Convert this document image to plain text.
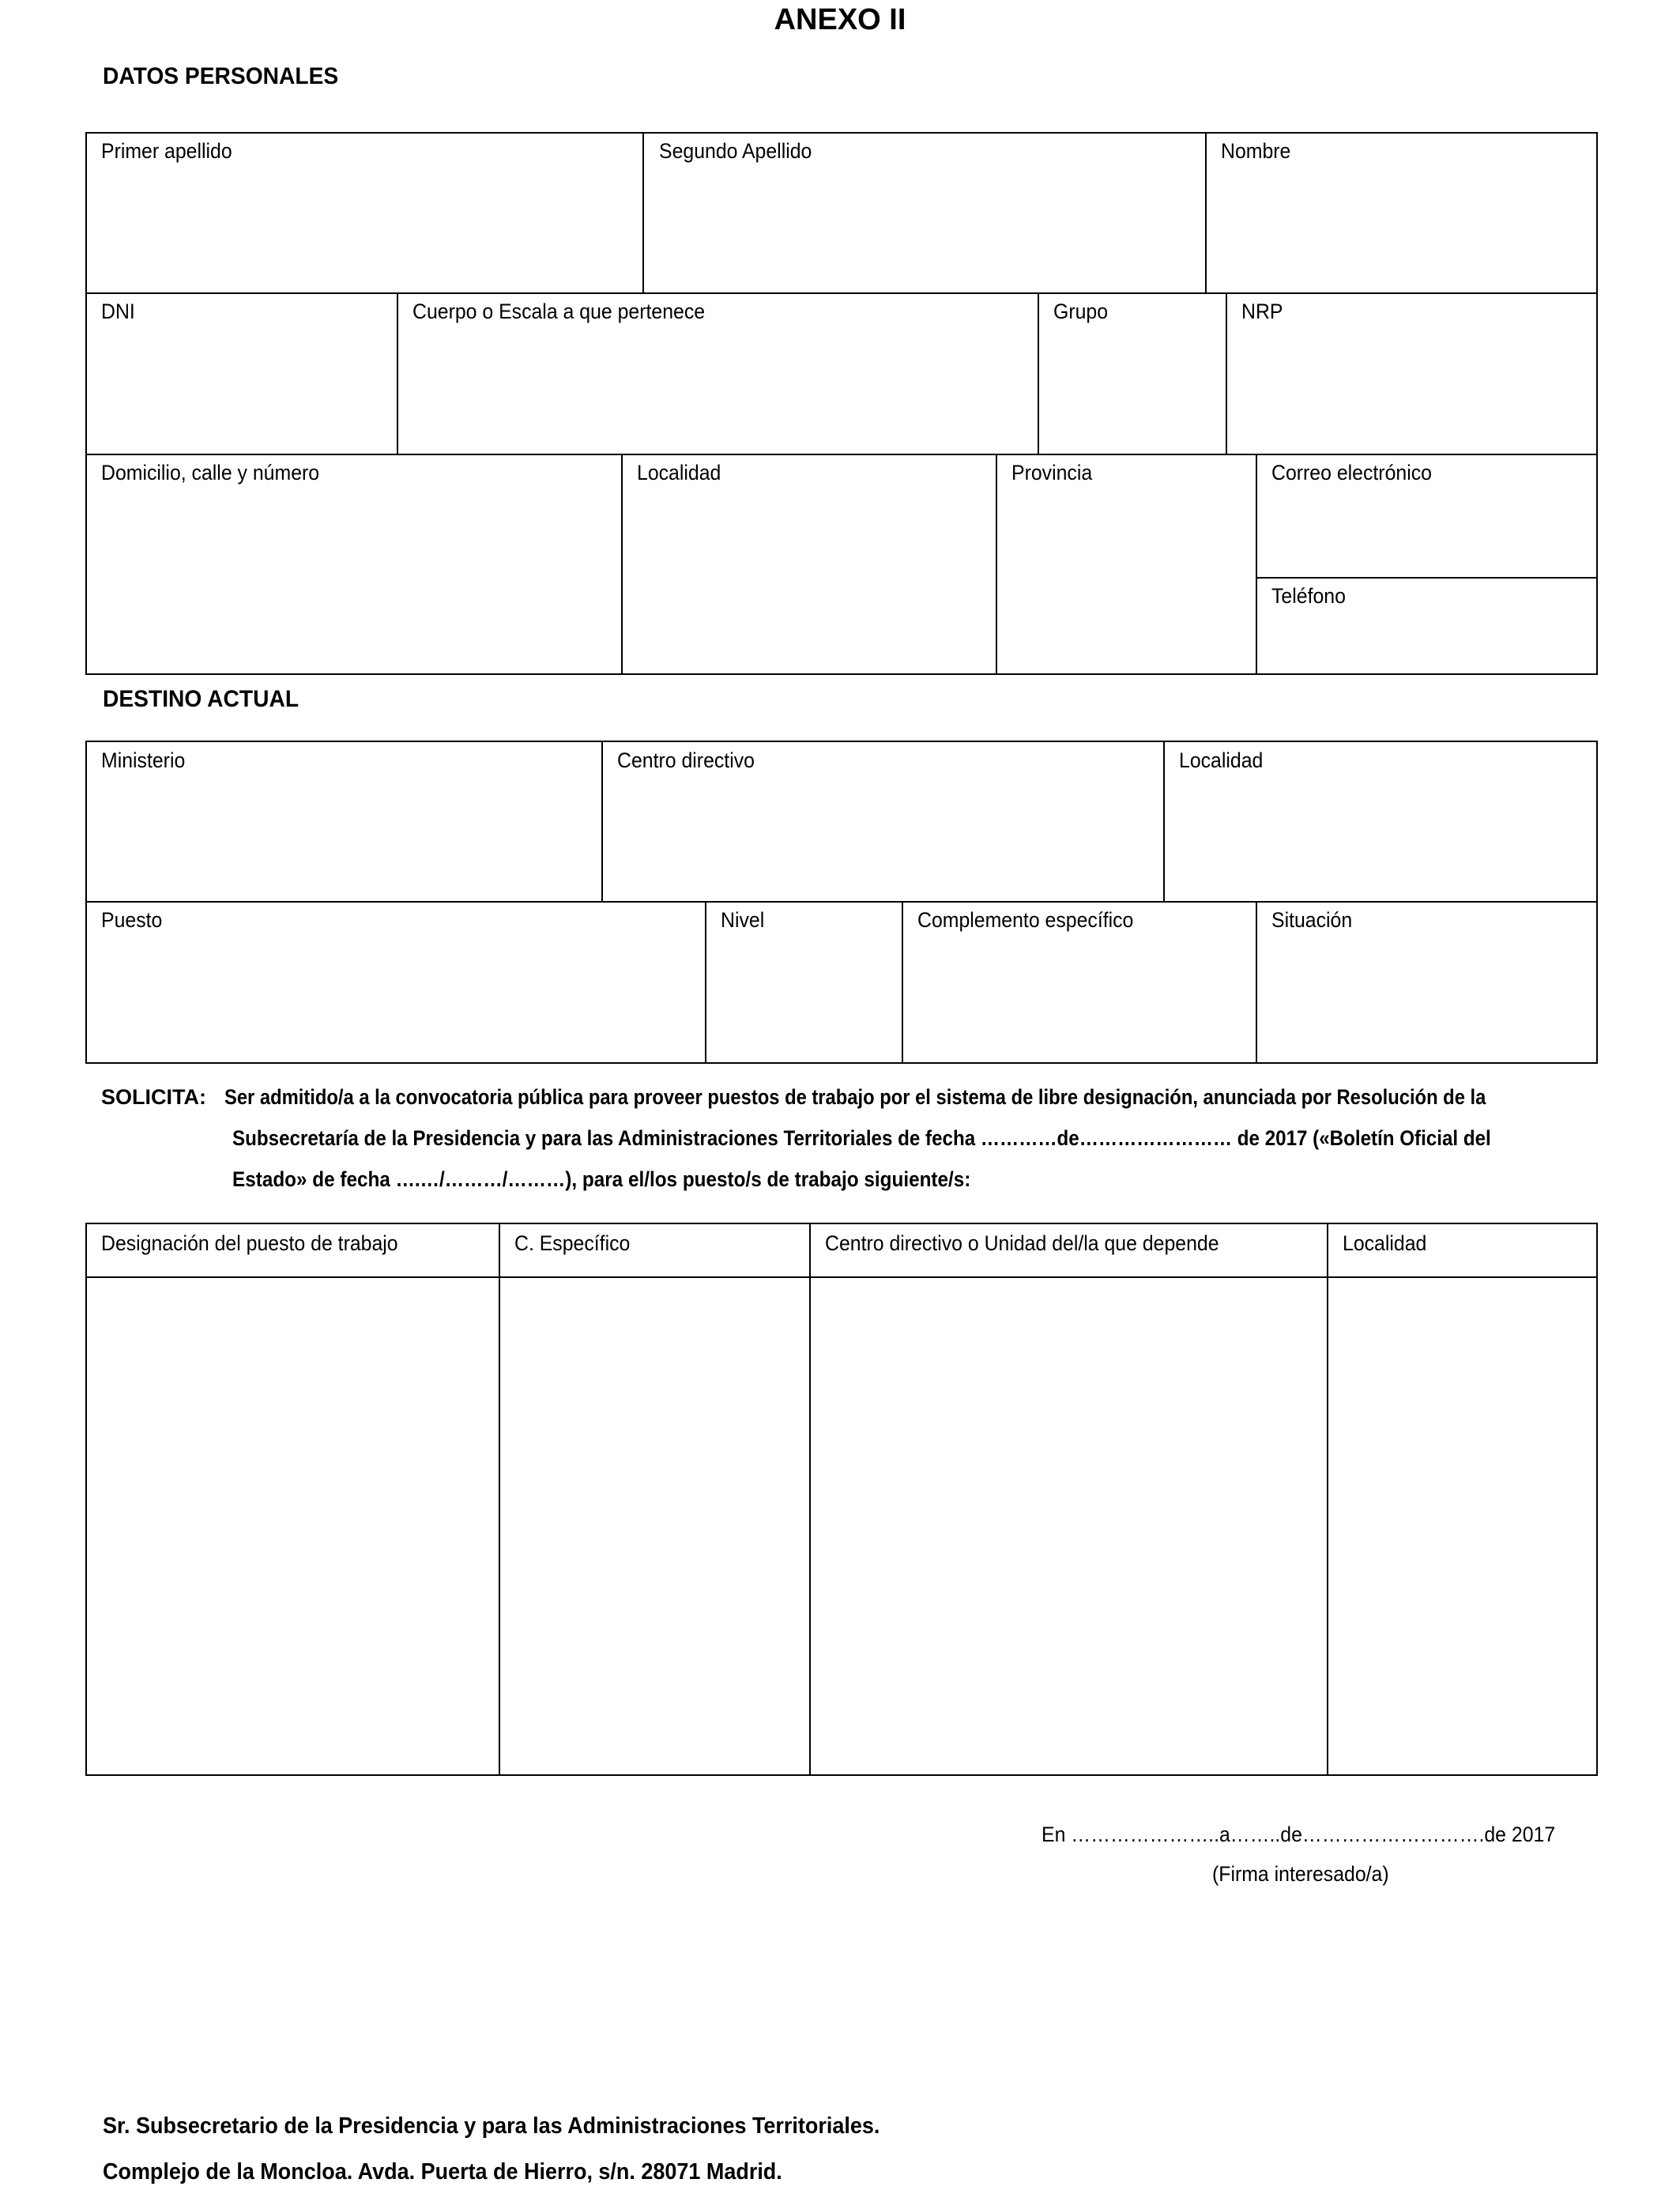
ANEXO II
DATOS PERSONALES
Primer apellido	Segundo Apellido	Nombre
DNI	Cuerpo o Escala a que pertenece	Grupo	NRP
Domicilio, calle y número	Localidad	Provincia	Correo electrónico
Teléfono
DESTINO ACTUAL
Ministerio	Centro directivo	Localidad
Puesto	Nivel	Complemento específico	Situación
SOLICITA: Ser admitido/a a la convocatoria pública para proveer puestos de trabajo por el sistema de libre designación, anunciada por Resolución de la
Subsecretaría de la Presidencia y para las Administraciones Territoriales de fecha …………de…………………… de 2017 («Boletín Oficial del
Estado» de fecha ….…/………/………), para el/los puesto/s de trabajo siguiente/s:
Designación del puesto de trabajo	C. Específico	Centro directivo o Unidad del/la que depende	Localidad
En …………………..a……..de……………………….de 2017
(Firma interesado/a)
Sr. Subsecretario de la Presidencia y para las Administraciones Territoriales.
Complejo de la Moncloa. Avda. Puerta de Hierro, s/n. 28071 Madrid.
